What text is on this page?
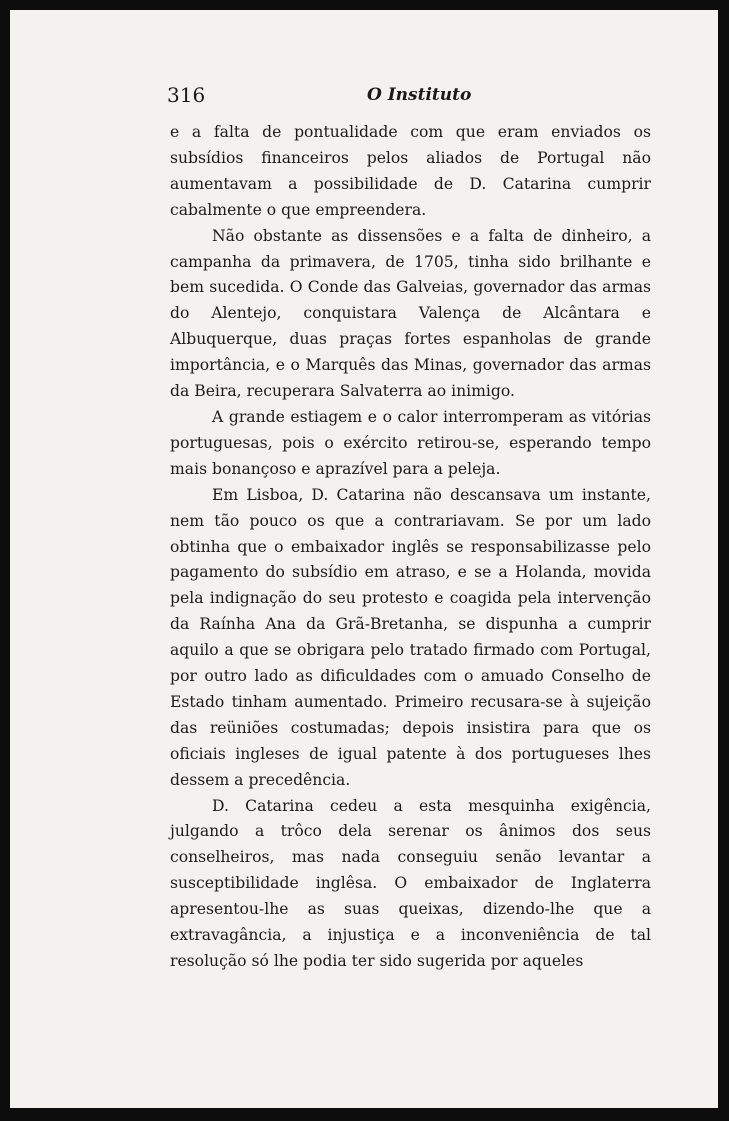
316	O Instituto

e a falta de pontualidade com que eram enviados os subsídios financeiros pelos aliados de Portugal não aumentavam a possibilidade de D. Catarina cumprir cabalmente o que empreendera.

Não obstante as dissensões e a falta de dinheiro, a campanha da primavera, de 1705, tinha sido brilhante e bem sucedida. O Conde das Galveias, governador das armas do Alentejo, conquistara Valença de Alcântara e Albuquerque, duas praças fortes espanholas de grande importância, e o Marquês das Minas, governador das armas da Beira, recuperara Salvaterra ao inimigo.

A grande estiagem e o calor interromperam as vitórias portuguesas, pois o exército retirou-se, esperando tempo mais bonançoso e aprazível para a peleja.

Em Lisboa, D. Catarina não descansava um instante, nem tão pouco os que a contrariavam. Se por um lado obtinha que o embaixador inglês se responsabilizasse pelo pagamento do subsídio em atraso, e se a Holanda, movida pela indignação do seu protesto e coagida pela intervenção da Raínha Ana da Grã-Bretanha, se dispunha a cumprir aquilo a que se obrigara pelo tratado firmado com Portugal, por outro lado as dificuldades com o amuado Conselho de Estado tinham aumentado. Primeiro recusara-se à sujeição das reüniões costumadas; depois insistira para que os oficiais ingleses de igual patente à dos portugueses lhes dessem a precedência.

D. Catarina cedeu a esta mesquinha exigência, julgando a trôco dela serenar os ânimos dos seus conselheiros, mas nada conseguiu senão levantar a susceptibilidade inglêsa. O embaixador de Inglaterra apresentou-lhe as suas queixas, dizendo-lhe que a extravagância, a injustiça e a inconveniência de tal resolução só lhe podia ter sido sugerida por aqueles
